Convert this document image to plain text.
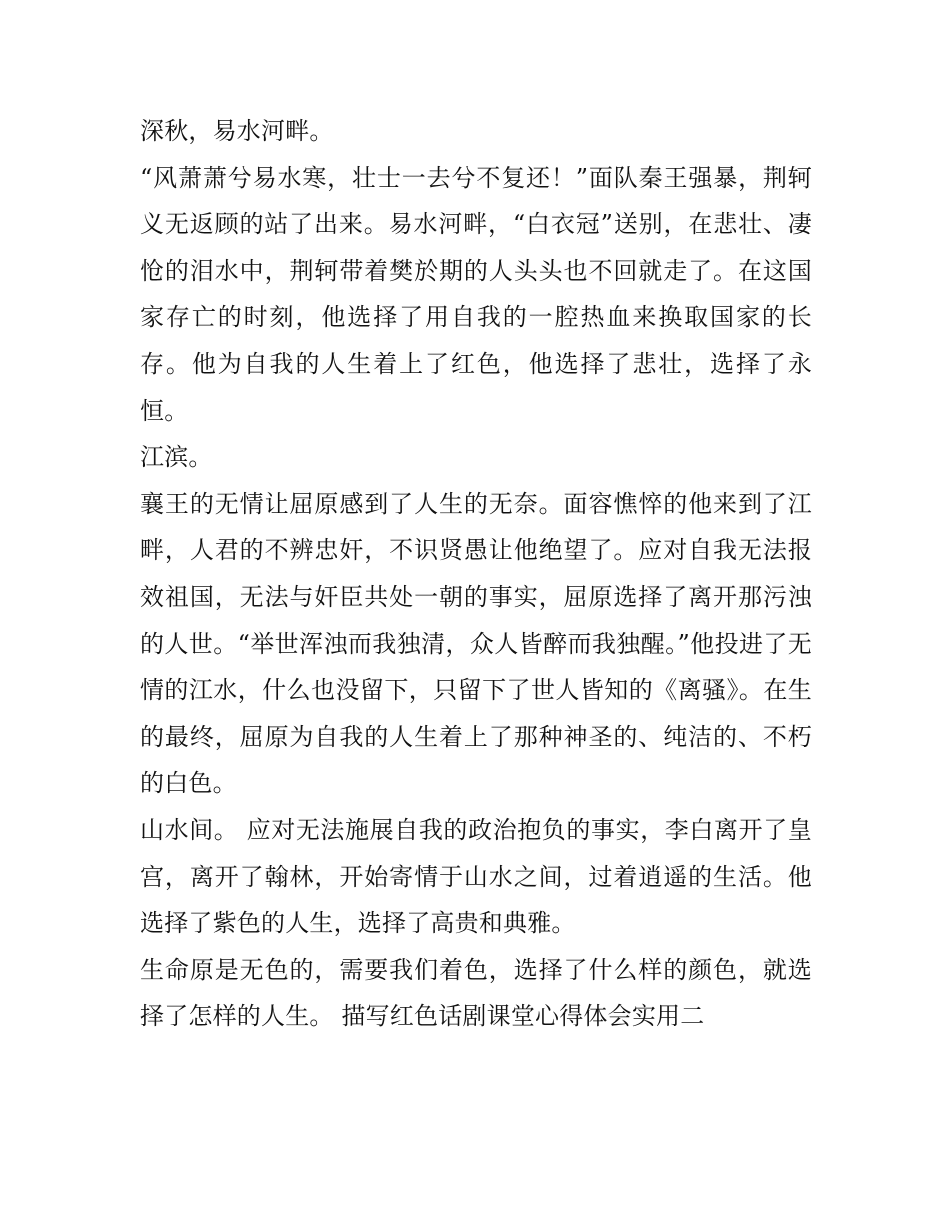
深秋，易水河畔。

“风萧萧兮易水寒，壮士一去兮不复还！”面队秦王强暴，荆轲义无返顾的站了出来。易水河畔，“白衣冠”送别，在悲壮、凄怆的泪水中，荆轲带着樊於期的人头头也不回就走了。在这国家存亡的时刻，他选择了用自我的一腔热血来换取国家的长存。他为自我的人生着上了红色，他选择了悲壮，选择了永恒。

江滨。

襄王的无情让屈原感到了人生的无奈。面容憔悴的他来到了江畔，人君的不辨忠奸，不识贤愚让他绝望了。应对自我无法报效祖国，无法与奸臣共处一朝的事实，屈原选择了离开那污浊的人世。“举世浑浊而我独清，众人皆醉而我独醒。”他投进了无情的江水，什么也没留下，只留下了世人皆知的《离骚》。在生的最终，屈原为自我的人生着上了那种神圣的、纯洁的、不朽的白色。

山水间。 应对无法施展自我的政治抱负的事实，李白离开了皇宫，离开了翰林，开始寄情于山水之间，过着逍遥的生活。他选择了紫色的人生，选择了高贵和典雅。

生命原是无色的，需要我们着色，选择了什么样的颜色，就选择了怎样的人生。 描写红色话剧课堂心得体会实用二
